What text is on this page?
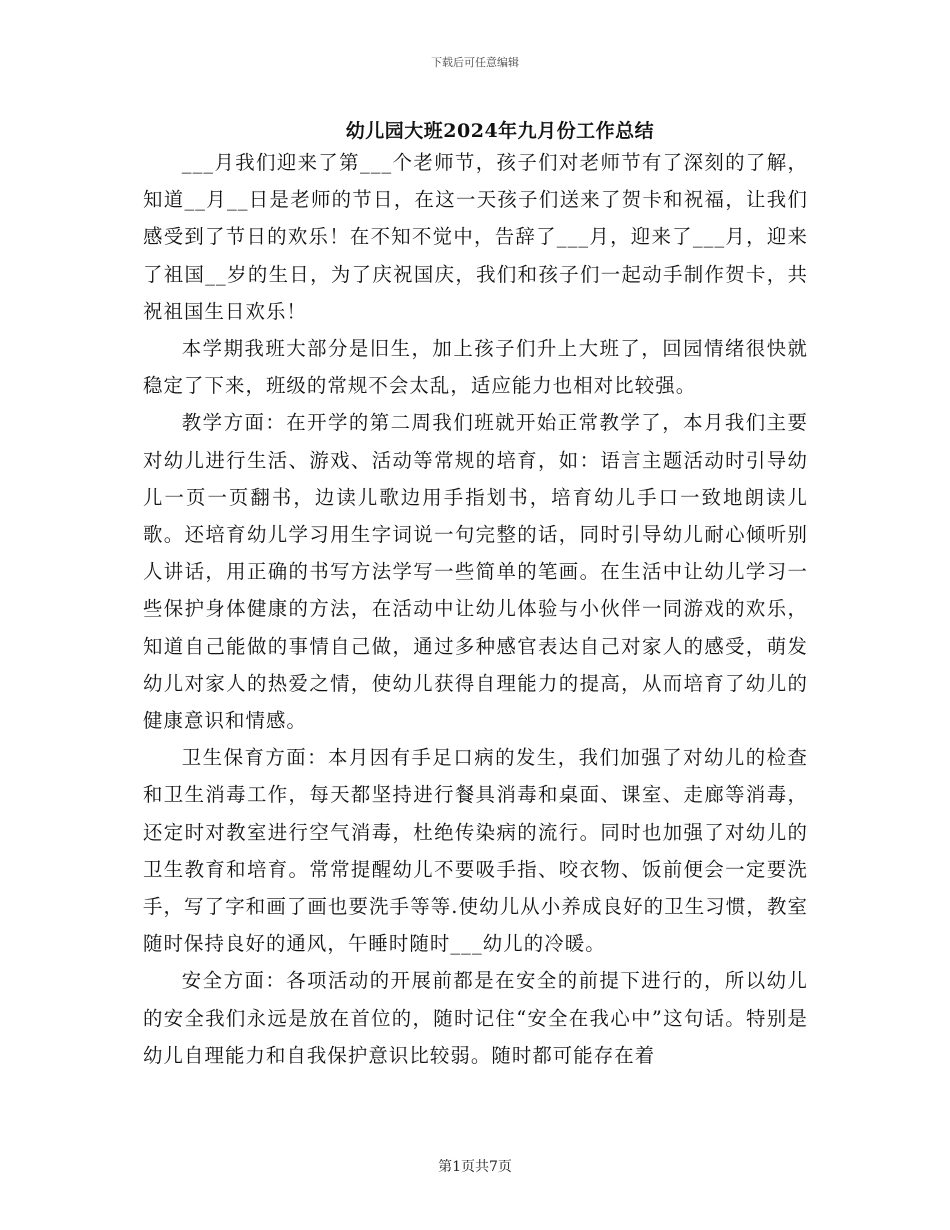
下载后可任意编辑
幼儿园大班2024年九月份工作总结

___月我们迎来了第___个老师节，孩子们对老师节有了深刻的了解，知道__月__日是老师的节日，在这一天孩子们送来了贺卡和祝福，让我们感受到了节日的欢乐！在不知不觉中，告辞了___月，迎来了___月，迎来了祖国__岁的生日，为了庆祝国庆，我们和孩子们一起动手制作贺卡，共祝祖国生日欢乐！

本学期我班大部分是旧生，加上孩子们升上大班了，回园情绪很快就稳定了下来，班级的常规不会太乱，适应能力也相对比较强。

教学方面：在开学的第二周我们班就开始正常教学了，本月我们主要对幼儿进行生活、游戏、活动等常规的培育，如：语言主题活动时引导幼儿一页一页翻书，边读儿歌边用手指划书，培育幼儿手口一致地朗读儿歌。还培育幼儿学习用生字词说一句完整的话，同时引导幼儿耐心倾听别人讲话，用正确的书写方法学写一些简单的笔画。在生活中让幼儿学习一些保护身体健康的方法，在活动中让幼儿体验与小伙伴一同游戏的欢乐，知道自己能做的事情自己做，通过多种感官表达自己对家人的感受，萌发幼儿对家人的热爱之情，使幼儿获得自理能力的提高，从而培育了幼儿的健康意识和情感。

卫生保育方面：本月因有手足口病的发生，我们加强了对幼儿的检查和卫生消毒工作，每天都坚持进行餐具消毒和桌面、课室、走廊等消毒，还定时对教室进行空气消毒，杜绝传染病的流行。同时也加强了对幼儿的卫生教育和培育。常常提醒幼儿不要吸手指、咬衣物、饭前便会一定要洗手，写了字和画了画也要洗手等等.使幼儿从小养成良好的卫生习惯，教室随时保持良好的通风，午睡时随时___幼儿的冷暖。

安全方面：各项活动的开展前都是在安全的前提下进行的，所以幼儿的安全我们永远是放在首位的，随时记住“安全在我心中”这句话。特别是幼儿自理能力和自我保护意识比较弱。随时都可能存在着

第1页共7页
